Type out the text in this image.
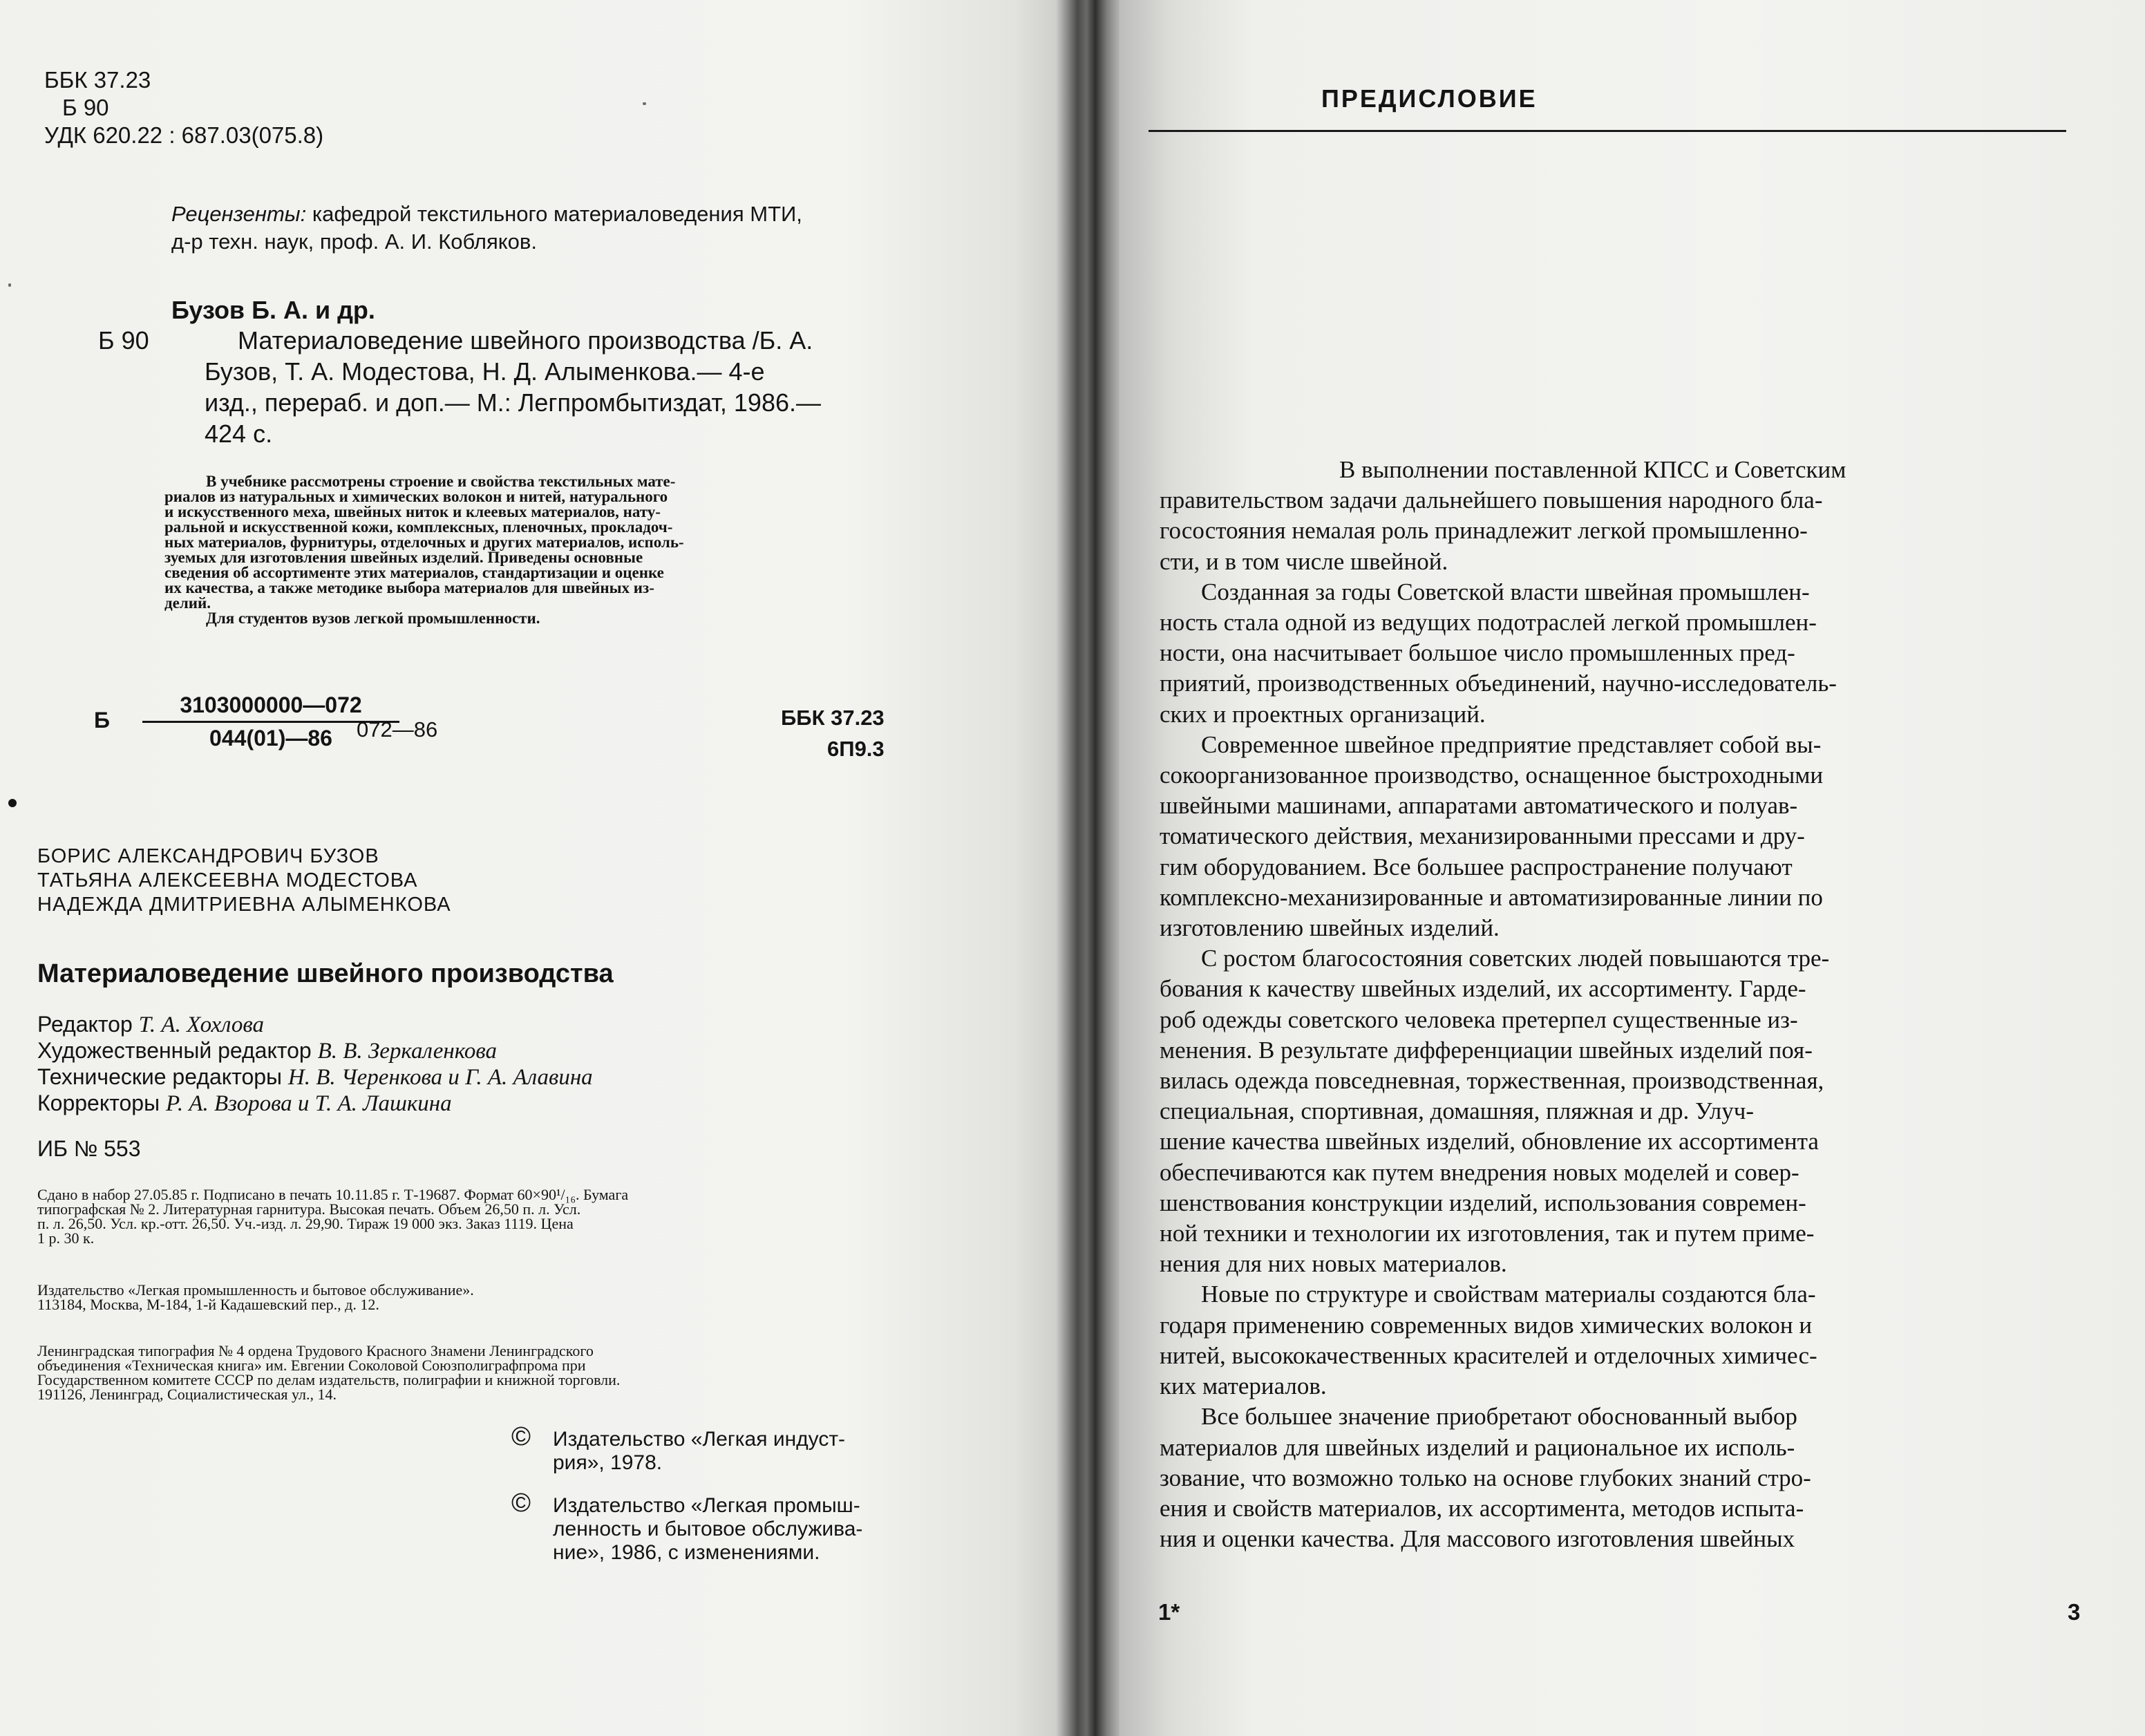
ББК 37.23
Б 90
УДК 620.22 : 687.03(075.8)
Рецензенты: кафедрой текстильного материаловедения МТИ,
д-р техн. наук, проф. А. И. Кобляков.
Бузов Б. А. и др.
Б 90	Материаловедение швейного производства /Б. А.
Бузов, Т. А. Модестова, Н. Д. Алыменкова.— 4-е
изд., перераб. и доп.— М.: Легпромбытиздат, 1986.—
424 с.
В учебнике рассмотрены строение и свойства текстильных мате-
риалов из натуральных и химических волокон и нитей, натурального
и искусственного меха, швейных ниток и клеевых материалов, нату-
ральной и искусственной кожи, комплексных, пленочных, прокладоч-
ных материалов, фурнитуры, отделочных и других материалов, исполь-
зуемых для изготовления швейных изделий. Приведены основные
сведения об ассортименте этих материалов, стандартизации и оценке
их качества, а также методике выбора материалов для швейных из-
делий.
Для студентов вузов легкой промышленности.
Б
3103000000—072
044(01)—86	072—86	ББК 37.23
6П9.3
БОРИС АЛЕКСАНДРОВИЧ БУЗОВ
ТАТЬЯНА АЛЕКСЕЕВНА МОДЕСТОВА
НАДЕЖДА ДМИТРИЕВНА АЛЫМЕНКОВА
Материаловедение швейного производства
Редактор Т. А. Хохлова
Художественный редактор В. В. Зеркаленкова
Технические редакторы Н. В. Черенкова и Г. А. Алавина
Корректоры Р. А. Взорова и Т. А. Лашкина
ИБ № 553
Сдано в набор 27.05.85 г. Подписано в печать 10.11.85 г. Т-19687. Формат 60×90¹/₁₆. Бумага
типографская № 2. Литературная гарнитура. Высокая печать. Объем 26,50 п. л. Усл.
п. л. 26,50. Усл. кр.-отт. 26,50. Уч.-изд. л. 29,90. Тираж 19 000 экз. Заказ 1119. Цена
1 р. 30 к.
Издательство «Легкая промышленность и бытовое обслуживание».
113184, Москва, М-184, 1-й Кадашевский пер., д. 12.
Ленинградская типография № 4 ордена Трудового Красного Знамени Ленинградского
объединения «Техническая книга» им. Евгении Соколовой Союзполиграфпрома при
Государственном комитете СССР по делам издательств, полиграфии и книжной торговли.
191126, Ленинград, Социалистическая ул., 14.
© Издательство «Легкая индуст-
рия», 1978.
© Издательство «Легкая промыш-
ленность и бытовое обслужива-
ние», 1986, с изменениями.
ПРЕДИСЛОВИЕ
В выполнении поставленной КПСС и Советским
правительством задачи дальнейшего повышения народного бла-
госостояния немалая роль принадлежит легкой промышленно-
сти, и в том числе швейной.
Созданная за годы Советской власти швейная промышлен-
ность стала одной из ведущих подотраслей легкой промышлен-
ности, она насчитывает большое число промышленных пред-
приятий, производственных объединений, научно-исследователь-
ских и проектных организаций.
Современное швейное предприятие представляет собой вы-
сокоорганизованное производство, оснащенное быстроходными
швейными машинами, аппаратами автоматического и полуав-
томатического действия, механизированными прессами и дру-
гим оборудованием. Все большее распространение получают
комплексно-механизированные и автоматизированные линии по
изготовлению швейных изделий.
С ростом благосостояния советских людей повышаются тре-
бования к качеству швейных изделий, их ассортименту. Гарде-
роб одежды советского человека претерпел существенные из-
менения. В результате дифференциации швейных изделий поя-
вилась одежда повседневная, торжественная, производственная,
специальная, спортивная, домашняя, пляжная и др. Улуч-
шение качества швейных изделий, обновление их ассортимента
обеспечиваются как путем внедрения новых моделей и совер-
шенствования конструкции изделий, использования современ-
ной техники и технологии их изготовления, так и путем приме-
нения для них новых материалов.
Новые по структуре и свойствам материалы создаются бла-
годаря применению современных видов химических волокон и
нитей, высококачественных красителей и отделочных химичес-
ких материалов.
Все большее значение приобретают обоснованный выбор
материалов для швейных изделий и рациональное их исполь-
зование, что возможно только на основе глубоких знаний стро-
ения и свойств материалов, их ассортимента, методов испыта-
ния и оценки качества. Для массового изготовления швейных
1*	3
